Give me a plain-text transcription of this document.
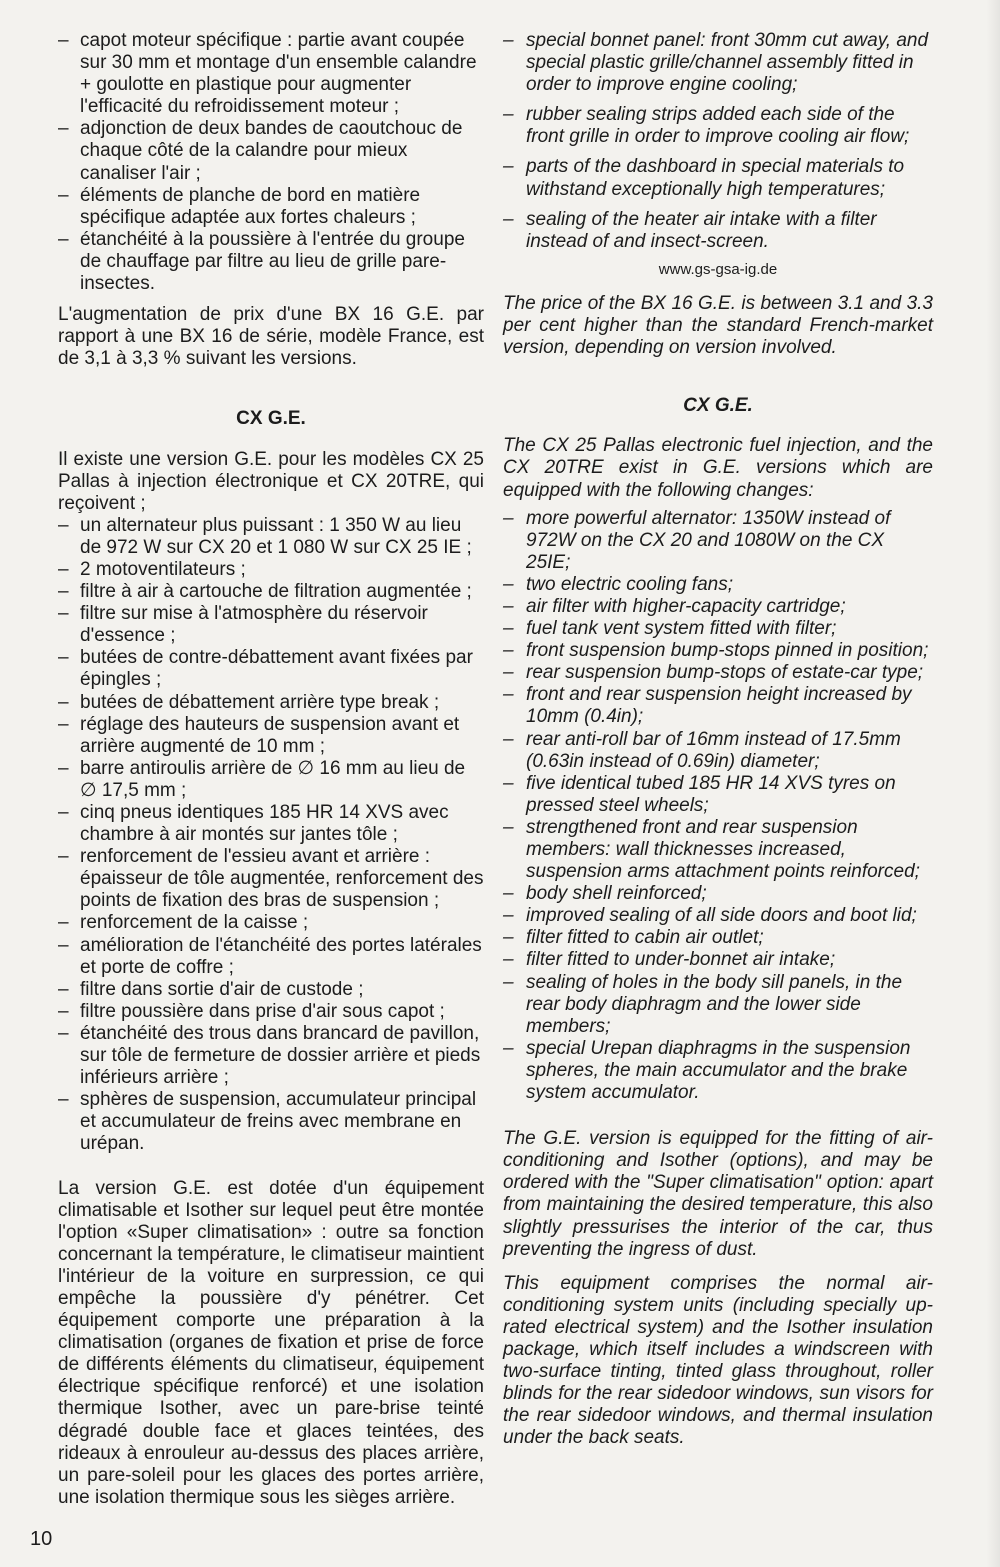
– capot moteur spécifique : partie avant coupée sur 30 mm et montage d'un ensemble calandre + goulotte en plastique pour augmenter l'efficacité du refroidissement moteur ;

– adjonction de deux bandes de caoutchouc de chaque côté de la calandre pour mieux canaliser l'air ;

– éléments de planche de bord en matière spécifique adaptée aux fortes chaleurs ;

– étanchéité à la poussière à l'entrée du groupe de chauffage par filtre au lieu de grille pare-insectes.

L'augmentation de prix d'une BX 16 G.E. par rapport à une BX 16 de série, modèle France, est de 3,1 à 3,3 % suivant les versions.

CX G.E.

Il existe une version G.E. pour les modèles CX 25 Pallas à injection électronique et CX 20TRE, qui reçoivent ;

– un alternateur plus puissant : 1 350 W au lieu de 972 W sur CX 20 et 1 080 W sur CX 25 IE ;

– 2 motoventilateurs ;

– filtre à air à cartouche de filtration augmentée ;

– filtre sur mise à l'atmosphère du réservoir d'essence ;

– butées de contre-débattement avant fixées par épingles ;

– butées de débattement arrière type break ;

– réglage des hauteurs de suspension avant et arrière augmenté de 10 mm ;

– barre antiroulis arrière de ∅ 16 mm au lieu de ∅ 17,5 mm ;

– cinq pneus identiques 185 HR 14 XVS avec chambre à air montés sur jantes tôle ;

– renforcement de l'essieu avant et arrière : épaisseur de tôle augmentée, renforcement des points de fixation des bras de suspension ;

– renforcement de la caisse ;

– amélioration de l'étanchéité des portes latérales et porte de coffre ;

– filtre dans sortie d'air de custode ;

– filtre poussière dans prise d'air sous capot ;

– étanchéité des trous dans brancard de pavillon, sur tôle de fermeture de dossier arrière et pieds inférieurs arrière ;

– sphères de suspension, accumulateur principal et accumulateur de freins avec membrane en urépan.

La version G.E. est dotée d'un équipement climatisable et Isother sur lequel peut être montée l'option «Super climatisation» : outre sa fonction concernant la température, le climatiseur maintient l'intérieur de la voiture en surpression, ce qui empêche la poussière d'y pénétrer. Cet équipement comporte une préparation à la climatisation (organes de fixation et prise de force de différents éléments du climatiseur, équipement électrique spécifique renforcé) et une isolation thermique Isother, avec un pare-brise teinté dégradé double face et glaces teintées, des rideaux à enrouleur au-dessus des places arrière, un pare-soleil pour les glaces des portes arrière, une isolation thermique sous les sièges arrière.

– special bonnet panel: front 30mm cut away, and special plastic grille/channel assembly fitted in order to improve engine cooling;

– rubber sealing strips added each side of the front grille in order to improve cooling air flow;

– parts of the dashboard in special materials to withstand exceptionally high temperatures;

– sealing of the heater air intake with a filter instead of and insect-screen.

www.gs-gsa-ig.de

The price of the BX 16 G.E. is between 3.1 and 3.3 per cent higher than the standard French-market version, depending on version involved.

CX G.E.

The CX 25 Pallas electronic fuel injection, and the CX 20TRE exist in G.E. versions which are equipped with the following changes:

– more powerful alternator: 1350W instead of 972W on the CX 20 and 1080W on the CX 25IE;

– two electric cooling fans;

– air filter with higher-capacity cartridge;

– fuel tank vent system fitted with filter;

– front suspension bump-stops pinned in position;

– rear suspension bump-stops of estate-car type;

– front and rear suspension height increased by 10mm (0.4in);

– rear anti-roll bar of 16mm instead of 17.5mm (0.63in instead of 0.69in) diameter;

– five identical tubed 185 HR 14 XVS tyres on pressed steel wheels;

– strengthened front and rear suspension members: wall thicknesses increased, suspension arms attachment points reinforced;

– body shell reinforced;

– improved sealing of all side doors and boot lid;

– filter fitted to cabin air outlet;

– filter fitted to under-bonnet air intake;

– sealing of holes in the body sill panels, in the rear body diaphragm and the lower side members;

– special Urepan diaphragms in the suspension spheres, the main accumulator and the brake system accumulator.

The G.E. version is equipped for the fitting of air-conditioning and Isother (options), and may be ordered with the "Super climatisation" option: apart from maintaining the desired temperature, this also slightly pressurises the interior of the car, thus preventing the ingress of dust.

This equipment comprises the normal air-conditioning system units (including specially up-rated electrical system) and the Isother insulation package, which itself includes a windscreen with two-surface tinting, tinted glass throughout, roller blinds for the rear sidedoor windows, sun visors for the rear sidedoor windows, and thermal insulation under the back seats.

10
